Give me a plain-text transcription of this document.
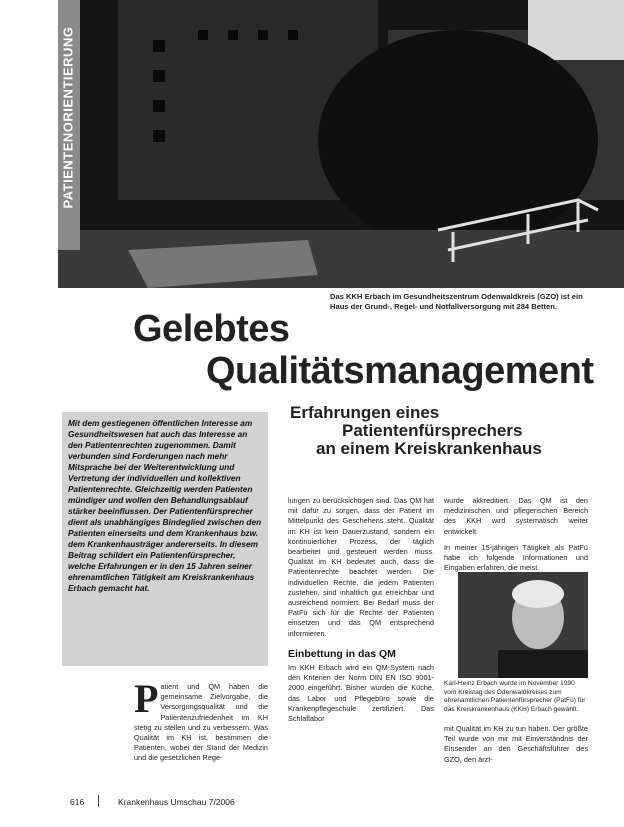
PATIENTENORIENTIERUNG
Das KKH Erbach im Gesundheitszentrum Odenwaldkreis (GZO) ist ein Haus der Grund-, Regel- und Notfallversorgung mit 284 Betten.
Gelebtes
Qualitätsmanagement
Erfahrungen eines
Patientenfürsprechers
an einem Kreiskrankenhaus

Mit dem gestiegenen öffentlichen Interesse am Gesundheitswesen hat auch das Interesse an den Patientenrechten zugenommen. Damit verbunden sind Forderungen nach mehr Mitsprache bei der Weiterentwicklung und Vertretung der individuellen und kollektiven Patientenrechte. Gleichzeitig werden Patienten mündiger und wollen den Behandlungsablauf stärker beeinflussen. Der Patientenfürsprecher dient als unabhängiges Bindeglied zwischen den Patienten einerseits und dem Krankenhaus bzw. dem Krankenhausträger andererseits. In diesem Beitrag schildert ein Patientenfürsprecher, welche Erfahrungen er in den 15 Jahren seiner ehrenamtlichen Tätigkeit am Kreiskrankenhaus Erbach gemacht hat.

P atient und QM haben die gemeinsame Zielvorgabe, die Versorgungsqualität und die Patientenzufriedenheit im KH stetig zu stellen und zu verbessern. Was Qualität im KH ist, bestimmen die Patienten, wobei der Stand der Medizin und die gesetzlichen Rege-

lungen zu berücksichtigen sind. Das QM hat mit dafür zu sorgen, dass der Patient im Mittelpunkt des Geschehens steht. Qualität im KH ist kein Dauerzustand, sondern ein kontinuierlicher Prozess, der täglich bearbeitet und gesteuert werden muss. Qualität im KH bedeutet auch, dass die Patientenrechte beachtet werden. Die individuellen Rechte, die jedem Patienten zustehen, sind inhaltlich gut erreichbar und ausreichend normiert. Bei Bedarf muss der PatFü sich für die Rechte der Patienten einsetzen und das QM entsprechend informieren.

Einbettung in das QM

Im KKH Erbach wird ein QM-System nach den Kriterien der Norm DIN EN ISO 9001-2000 eingeführt. Bisher wurden die Küche, das Labor und Pflegebüro sowie die Krankenpflegeschule zertifiziert. Das Schlaflabor

wurde akkreditiert. Das QM ist den medizinischen und pflegerischen Bereich des KKH wird systematisch weiter entwickelt.

In meiner 15-jährigen Tätigkeit als PatFü habe ich folgende Informationen und Eingaben erfahren, die meist

Karl-Heinz Erbach wurde im November 1990 vom Kreistag des Odenwaldkreises zum ehrenamtlichen Patientenfürsprecher (PatFü) für das Kreiskrankenhaus (KKH) Erbach gewählt.

mit Qualität im KH zu tun haben. Der größte Teil wurde von mir mit Einverständnis der Einsender an den Geschäftsführer des GZO, den ärzt-

616	Krankenhaus Umschau 7/2006
